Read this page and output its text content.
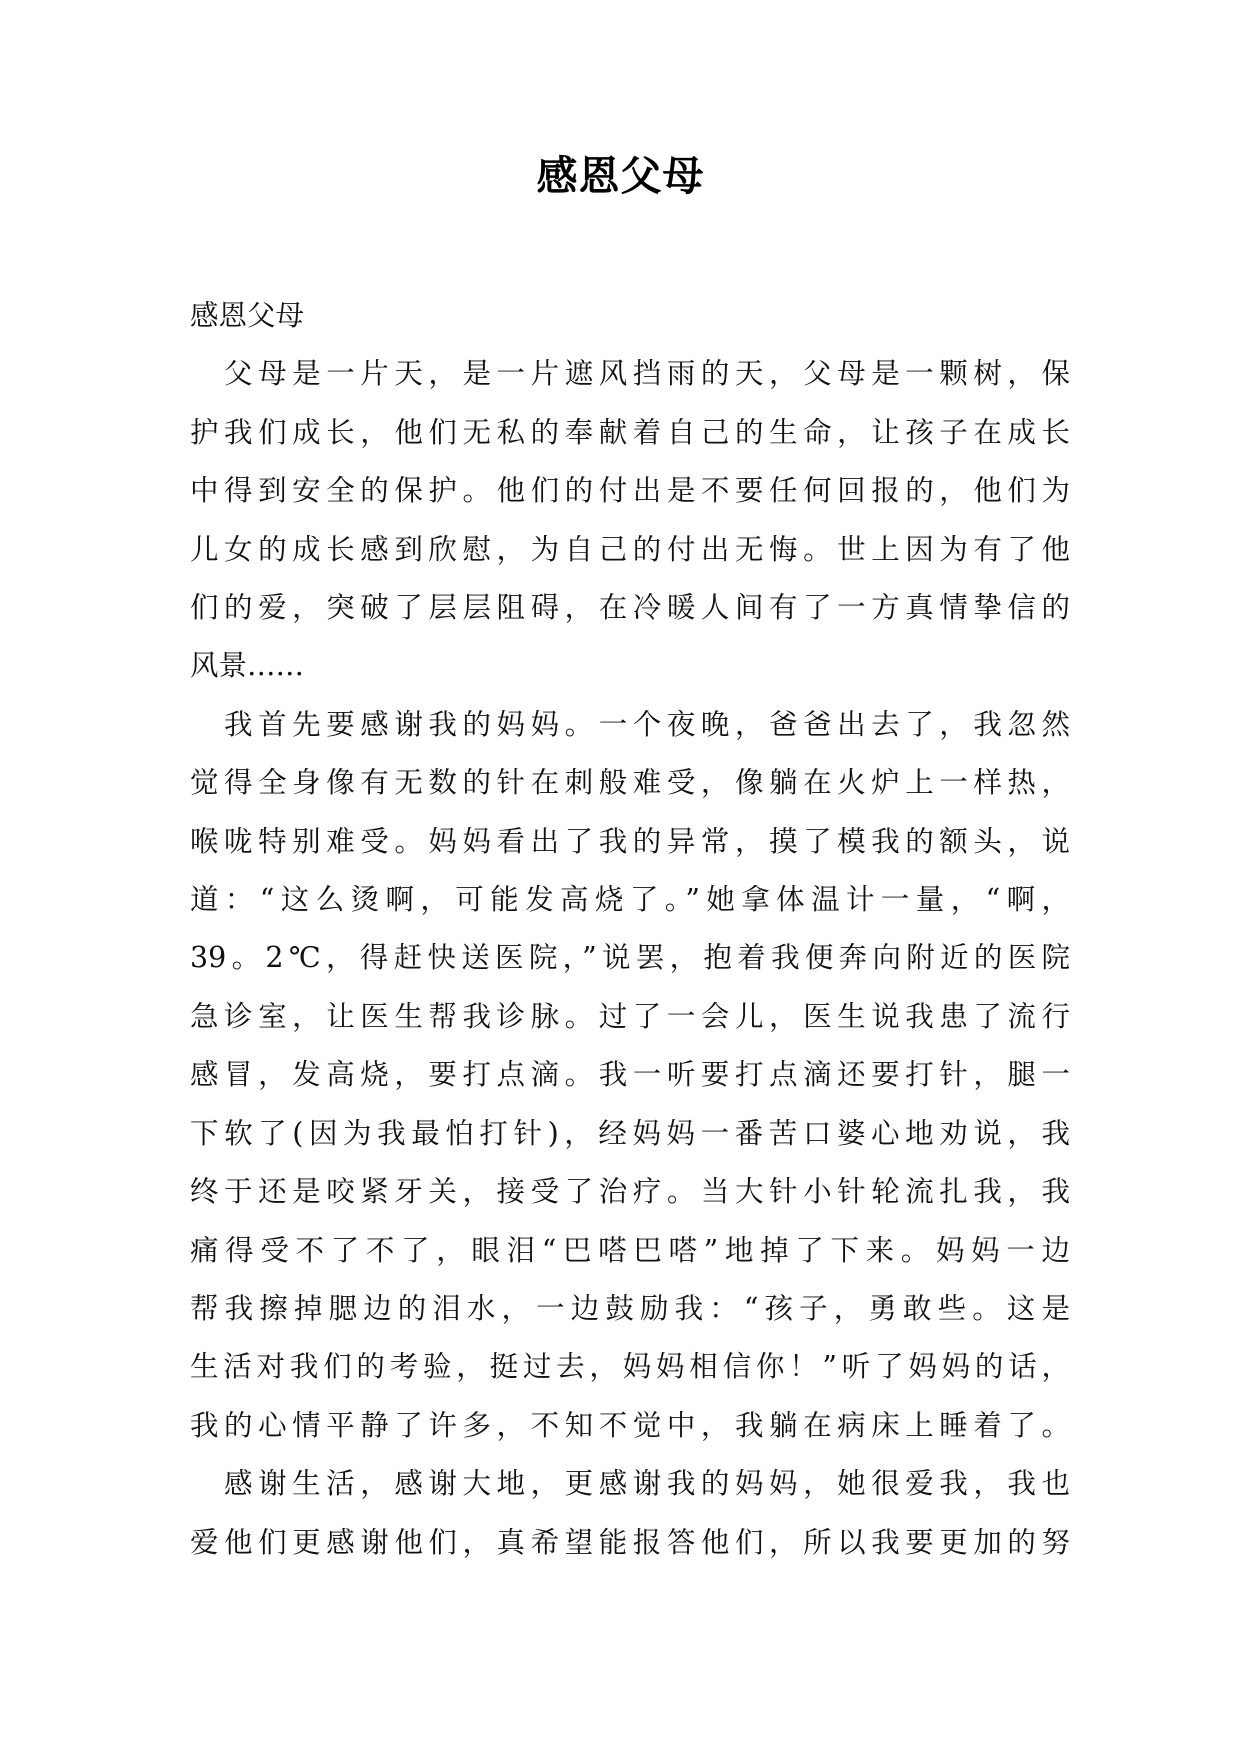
感恩父母
感恩父母
　父母是一片天，是一片遮风挡雨的天，父母是一颗树，保
护我们成长，他们无私的奉献着自己的生命，让孩子在成长
中得到安全的保护。他们的付出是不要任何回报的，他们为
儿女的成长感到欣慰，为自己的付出无悔。世上因为有了他
们的爱，突破了层层阻碍，在冷暖人间有了一方真情挚信的
风景……
　我首先要感谢我的妈妈。一个夜晚，爸爸出去了，我忽然
觉得全身像有无数的针在刺般难受，像躺在火炉上一样热，
喉咙特别难受。妈妈看出了我的异常，摸了模我的额头，说
道：“这么烫啊，可能发高烧了。”她拿体温计一量，“啊，
39。2℃，得赶快送医院，”说罢，抱着我便奔向附近的医院
急诊室，让医生帮我诊脉。过了一会儿，医生说我患了流行
感冒，发高烧，要打点滴。我一听要打点滴还要打针，腿一
下软了(因为我最怕打针)，经妈妈一番苦口婆心地劝说，我
终于还是咬紧牙关，接受了治疗。当大针小针轮流扎我，我
痛得受不了不了，眼泪“巴嗒巴嗒”地掉了下来。妈妈一边
帮我擦掉腮边的泪水，一边鼓励我：“孩子，勇敢些。这是
生活对我们的考验，挺过去，妈妈相信你！”听了妈妈的话，
我的心情平静了许多，不知不觉中，我躺在病床上睡着了。
　感谢生活，感谢大地，更感谢我的妈妈，她很爱我，我也
爱他们更感谢他们，真希望能报答他们，所以我要更加的努
